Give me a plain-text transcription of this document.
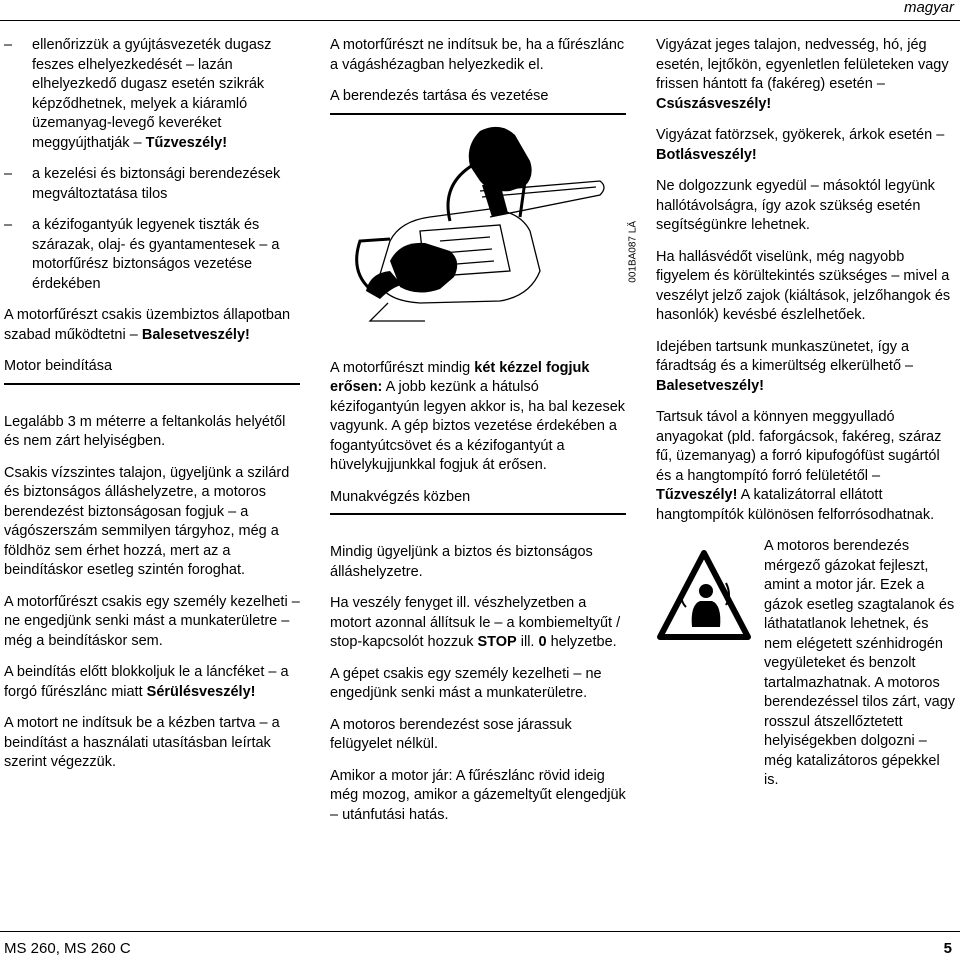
magyar
– ellenőrizzük a gyújtásvezeték dugasz feszes elhelyezkedését – lazán elhelyezkedő dugasz esetén szikrák képződhetnek, melyek a kiáramló üzemanyag-levegő keveréket meggyújthatják – Tűzveszély!
– a kezelési és biztonsági berendezések megváltoztatása tilos
– a kézifogantyúk legyenek tiszták és szárazak, olaj- és gyantamentesek – a motorfűrész biztonságos vezetése érdekében

A motorfűrészt csakis üzembiztos állapotban szabad működtetni – Balesetveszély!

Motor beindítása

Legalább 3 m méterre a feltankolás helyétől és nem zárt helyiségben.

Csakis vízszintes talajon, ügyeljünk a szilárd és biztonságos álláshelyzetre, a motoros berendezést biztonságosan fogjuk – a vágószerszám semmilyen tárgyhoz, még a földhöz sem érhet hozzá, mert az a beindításkor esetleg szintén foroghat.

A motorfűrészt csakis egy személy kezelheti – ne engedjünk senki mást a munkaterületre – még a beindításkor sem.

A beindítás előtt blokkoljuk le a láncféket – a forgó fűrészlánc miatt Sérülésveszély!

A motort ne indítsuk be a kézben tartva – a beindítást a használati utasításban leírtak szerint végezzük.

A motorfűrészt ne indítsuk be, ha a fűrészlánc a vágáshézagban helyezkedik el.

A berendezés tartása és vezetése
001BA087 LÄ

A motorfűrészt mindig két kézzel fogjuk erősen: A jobb kezünk a hátulsó kézifogantyún legyen akkor is, ha bal kezesek vagyunk. A gép biztos vezetése érdekében a fogantyútcsövet és a kézifogantyút a hüvelykujjunkkal fogjuk át erősen.

Munakvégzés közben

Mindig ügyeljünk a biztos és biztonságos álláshelyzetre.

Ha veszély fenyget ill. vészhelyzetben a motort azonnal állítsuk le – a kombiemeltyűt / stop-kapcsolót hozzuk STOP ill. 0 helyzetbe.

A gépet csakis egy személy kezelheti – ne engedjünk senki mást a munkaterületre.

A motoros berendezést sose járassuk felügyelet nélkül.

Amikor a motor jár: A fűrészlánc rövid ideig még mozog, amikor a gázemeltyűt elengedjük – utánfutási hatás.

Vigyázat jeges talajon, nedvesség, hó, jég esetén, lejtőkön, egyenletlen felületeken vagy frissen hántott fa (fakéreg) esetén – Csúszásveszély!

Vigyázat fatörzsek, gyökerek, árkok esetén – Botlásveszély!

Ne dolgozzunk egyedül – másoktól legyünk hallótávolságra, így azok szükség esetén segítségünkre lehetnek.

Ha hallásvédőt viselünk, még nagyobb figyelem és körültekintés szükséges – mivel a veszélyt jelző zajok (kiáltások, jelzőhangok és hasonlók) kevésbé észlelhetőek.

Idejében tartsunk munkaszünetet, így a fáradtság és a kimerültség elkerülhető – Balesetveszély!

Tartsuk távol a könnyen meggyulladó anyagokat (pld. faforgácsok, fakéreg, száraz fű, üzemanyag) a forró kipufogófüst sugártól és a hangtompító forró felületétől – Tűzveszély! A katalizátorral ellátott hangtompítók különösen felforrósodhatnak.

A motoros berendezés mérgező gázokat fejleszt, amint a motor jár. Ezek a gázok esetleg szagtalanok és láthatatlanok lehetnek, és nem elégetett szénhidrogén vegyületeket és benzolt tartalmazhatnak. A motoros berendezéssel tilos zárt, vagy rosszul átszellőztetett helyiségekben dolgozni – még katalizátoros gépekkel is.

MS 260, MS 260 C	5
